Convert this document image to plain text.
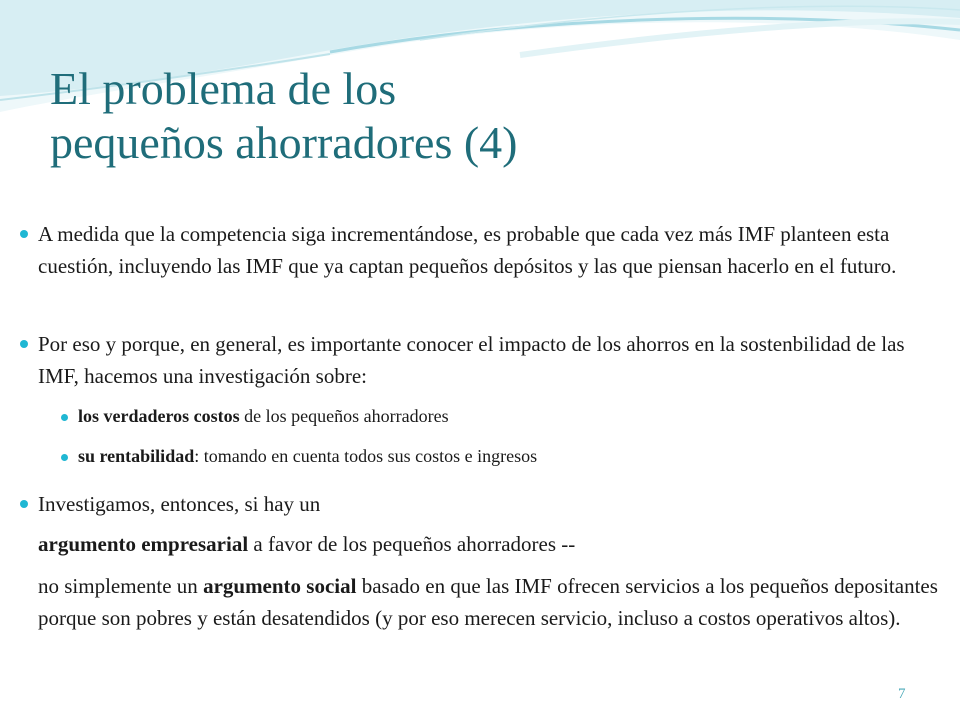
El problema de los
pequeños ahorradores (4)
A medida que la competencia siga incrementándose, es probable que cada vez más IMF planteen esta cuestión, incluyendo las IMF que ya captan pequeños depósitos y las que piensan hacerlo en el futuro.
Por eso y porque, en general, es importante conocer el impacto de los ahorros en la sostenbilidad de las IMF, hacemos una investigación sobre:
los verdaderos costos de los pequeños ahorradores
su rentabilidad: tomando en cuenta todos sus costos e ingresos
Investigamos, entonces, si hay un
argumento empresarial a favor de los pequeños ahorradores --
no simplemente un argumento social basado en que las IMF ofrecen servicios a los pequeños depositantes porque son pobres y están desatendidos (y por eso merecen servicio, incluso a costos operativos altos).
7
